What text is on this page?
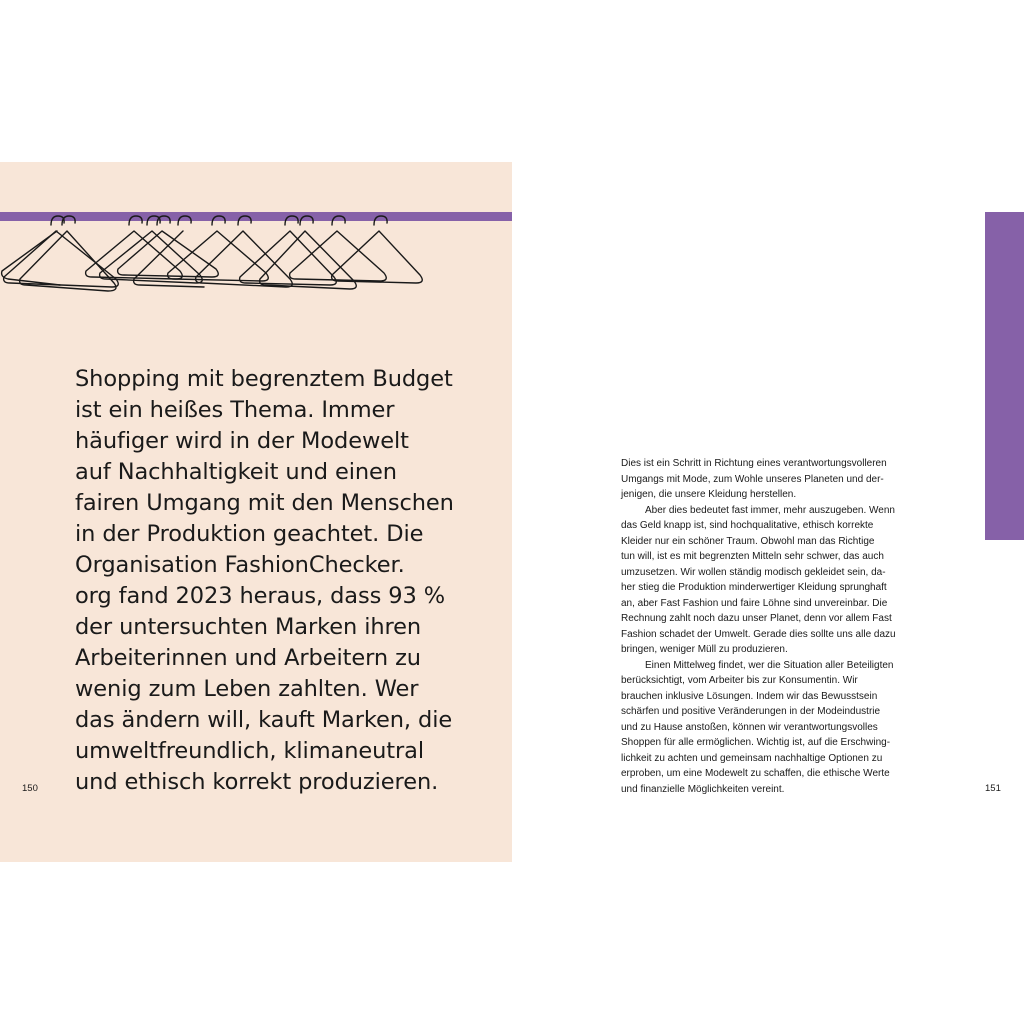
Shopping mit begrenztem Budget
ist ein heißes Thema. Immer
häufiger wird in der Modewelt
auf Nachhaltigkeit und einen
fairen Umgang mit den Menschen
in der Produktion geachtet. Die
Organisation FashionChecker.
org fand 2023 heraus, dass 93 %
der untersuchten Marken ihren
Arbeiterinnen und Arbeitern zu
wenig zum Leben zahlten. Wer
das ändern will, kauft Marken, die
umweltfreundlich, klimaneutral
und ethisch korrekt produzieren.

150
Dies ist ein Schritt in Richtung eines verantwortungsvolleren
Umgangs mit Mode, zum Wohle unseres Planeten und der-
jenigen, die unsere Kleidung herstellen.
Aber dies bedeutet fast immer, mehr auszugeben. Wenn
das Geld knapp ist, sind hochqualitative, ethisch korrekte
Kleider nur ein schöner Traum. Obwohl man das Richtige
tun will, ist es mit begrenzten Mitteln sehr schwer, das auch
umzusetzen. Wir wollen ständig modisch gekleidet sein, da-
her stieg die Produktion minderwertiger Kleidung sprunghaft
an, aber Fast Fashion und faire Löhne sind unvereinbar. Die
Rechnung zahlt noch dazu unser Planet, denn vor allem Fast
Fashion schadet der Umwelt. Gerade dies sollte uns alle dazu
bringen, weniger Müll zu produzieren.
Einen Mittelweg findet, wer die Situation aller Beteiligten
berücksichtigt, vom Arbeiter bis zur Konsumentin. Wir
brauchen inklusive Lösungen. Indem wir das Bewusstsein
schärfen und positive Veränderungen in der Modeindustrie
und zu Hause anstoßen, können wir verantwortungsvolles
Shoppen für alle ermöglichen. Wichtig ist, auf die Erschwing-
lichkeit zu achten und gemeinsam nachhaltige Optionen zu
erproben, um eine Modewelt zu schaffen, die ethische Werte
und finanzielle Möglichkeiten vereint.	151
